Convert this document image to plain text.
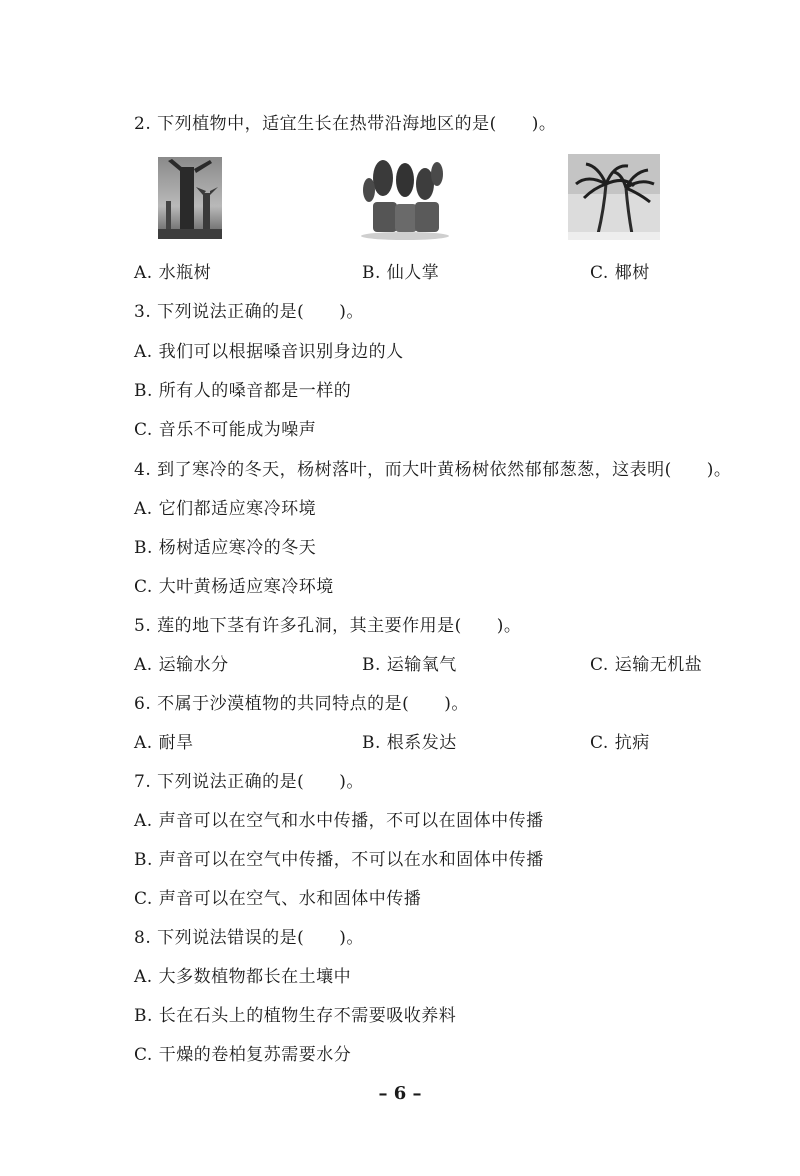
2. 下列植物中，适宜生长在热带沿海地区的是(　　)。
A. 水瓶树	B. 仙人掌	C. 椰树
3. 下列说法正确的是(　　)。
A. 我们可以根据嗓音识别身边的人
B. 所有人的嗓音都是一样的
C. 音乐不可能成为噪声
4. 到了寒冷的冬天，杨树落叶，而大叶黄杨树依然郁郁葱葱，这表明(　　)。
A. 它们都适应寒冷环境
B. 杨树适应寒冷的冬天
C. 大叶黄杨适应寒冷环境
5. 莲的地下茎有许多孔洞，其主要作用是(　　)。
A. 运输水分	B. 运输氧气	C. 运输无机盐
6. 不属于沙漠植物的共同特点的是(　　)。
A. 耐旱	B. 根系发达	C. 抗病
7. 下列说法正确的是(　　)。
A. 声音可以在空气和水中传播，不可以在固体中传播
B. 声音可以在空气中传播，不可以在水和固体中传播
C. 声音可以在空气、水和固体中传播
8. 下列说法错误的是(　　)。
A. 大多数植物都长在土壤中
B. 长在石头上的植物生存不需要吸收养料
C. 干燥的卷柏复苏需要水分
– 6 –
